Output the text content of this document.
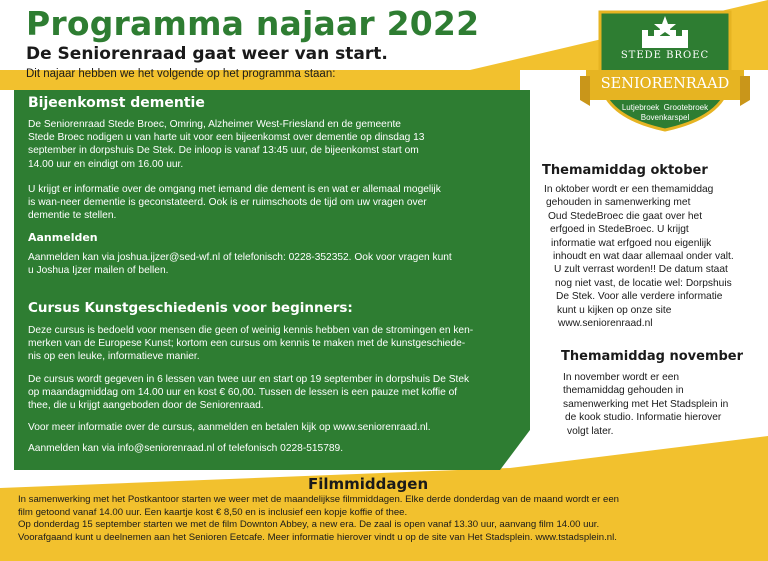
Programma najaar 2022
De Seniorenraad gaat weer van start.
Dit najaar hebben we het volgende op het programma staan:
STEDE BROEC
SENIORENRAAD
Lutjebroek  Grootebroek
Bovenkarspel
Bijeenkomst dementie

De Seniorenraad Stede Broec, Omring, Alzheimer West-Friesland en de gemeente

Stede Broec nodigen u van harte uit voor een bijeenkomst over dementie op dinsdag 13

september in dorpshuis De Stek. De inloop is vanaf 13:45 uur, de bijeenkomst start om

14.00 uur en eindigt om 16.00 uur.

U krijgt er informatie over de omgang met iemand die dement is en wat er allemaal mogelijk

is wan-neer dementie is geconstateerd. Ook is er ruimschoots de tijd om uw vragen over

dementie te stellen.

Aanmelden

Aanmelden kan via joshua.ijzer@sed-wf.nl of telefonisch: 0228-352352. Ook voor vragen kunt

u Joshua Ijzer mailen of bellen.

Cursus Kunstgeschiedenis voor beginners:

Deze cursus is bedoeld voor mensen die geen of weinig kennis hebben van de stromingen en ken-

merken van de Europese Kunst; kortom een cursus om kennis te maken met de kunstgeschiede-

nis op een leuke, informatieve manier.

De cursus wordt gegeven in 6 lessen van twee uur en start op 19 september in dorpshuis De Stek

op maandagmiddag om 14.00 uur en kost € 60,00. Tussen de lessen is een pauze met koffie of

thee, die u krijgt aangeboden door de Seniorenraad.

Voor meer informatie over de cursus, aanmelden en betalen kijk op www.seniorenraad.nl.
Aanmelden kan via info@seniorenraad.nl of telefonisch 0228-515789.
Themamiddag oktober

In oktober wordt er een themamiddag

gehouden in samenwerking met

Oud StedeBroec die gaat over het

erfgoed in StedeBroec. U krijgt

informatie wat erfgoed nou eigenlijk

inhoudt en wat daar allemaal onder valt.

U zult verrast worden!! De datum staat

nog niet vast, de locatie wel: Dorpshuis

De Stek. Voor alle verdere informatie

kunt u kijken op onze site

www.seniorenraad.nl

Themamiddag november

In november wordt er een

themamiddag gehouden in

samenwerking met Het Stadsplein in

de kook studio. Informatie hierover

volgt later.

Filmmiddagen

In samenwerking met het Postkantoor starten we weer met de maandelijkse filmmiddagen. Elke derde donderdag van de maand wordt er een

film getoond vanaf 14.00 uur. Een kaartje kost € 8,50 en is inclusief een kopje koffie of thee.

Op donderdag 15 september starten we met de film Downton Abbey, a new era. De zaal is open vanaf 13.30 uur, aanvang film 14.00 uur.

Voorafgaand kunt u deelnemen aan het Senioren Eetcafe. Meer informatie hierover vindt u op de site van Het Stadsplein. www.tstadsplein.nl.
